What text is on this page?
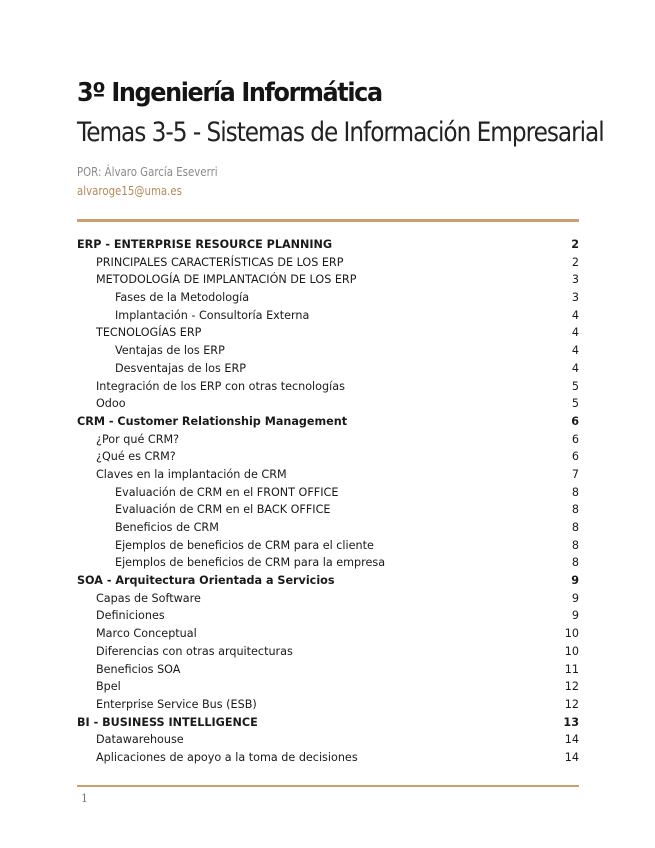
3º Ingeniería Informática
Temas 3-5 - Sistemas de Información Empresarial
POR: Álvaro García Eseverri
alvarogе15@uma.es
ERP - ENTERPRISE RESOURCE PLANNING	2
PRINCIPALES CARACTERÍSTICAS DE LOS ERP	2
METODOLOGÍA DE IMPLANTACIÓN DE LOS ERP	3
Fases de la Metodología	3
Implantación - Consultoría Externa	4
TECNOLOGÍAS ERP	4
Ventajas de los ERP	4
Desventajas de los ERP	4
Integración de los ERP con otras tecnologías	5
Odoo	5
CRM - Customer Relationship Management	6
¿Por qué CRM?	6
¿Qué es CRM?	6
Claves en la implantación de CRM	7
Evaluación de CRM en el FRONT OFFICE	8
Evaluación de CRM en el BACK OFFICE	8
Beneficios de CRM	8
Ejemplos de beneficios de CRM para el cliente	8
Ejemplos de beneficios de CRM para la empresa	8
SOA - Arquitectura Orientada a Servicios	9
Capas de Software	9
Definiciones	9
Marco Conceptual	10
Diferencias con otras arquitecturas	10
Beneficios SOA	11
Bpel	12
Enterprise Service Bus (ESB)	12
BI - BUSINESS INTELLIGENCE	13
Datawarehouse	14
Aplicaciones de apoyo a la toma de decisiones	14
1
